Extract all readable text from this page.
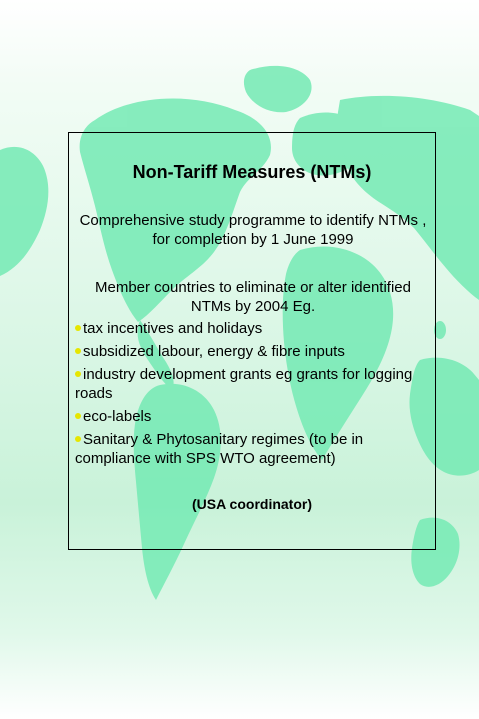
Non-Tariff Measures (NTMs)

Comprehensive study programme to identify NTMs , for completion by 1 June 1999

Member countries to eliminate or alter identified NTMs by 2004 Eg.

tax incentives and holidays
subsidized labour, energy & fibre inputs
industry development grants eg grants for logging roads
eco-labels
Sanitary & Phytosanitary regimes (to be in compliance with SPS WTO agreement)

(USA coordinator)
